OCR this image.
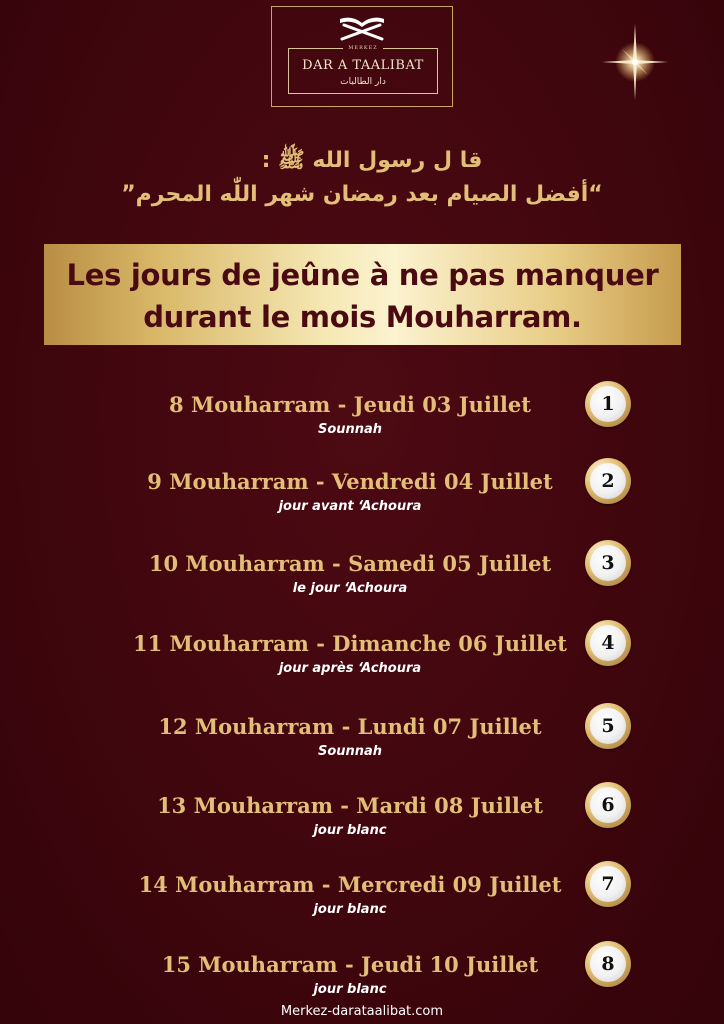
MERKEZ
DAR A TAALIBAT
دار الطالبات
قا ل رسول الله ﷺ :
“أفضل الصيام بعد رمضان شهر اللّٰه المحرم”
Les jours de jeûne à ne pas manquer
durant le mois Mouharram.
8 Mouharram - Jeudi 03 Juillet
Sounnah
1
9 Mouharram - Vendredi 04 Juillet
jour avant ‘Achoura
2
10 Mouharram - Samedi 05 Juillet
le jour ‘Achoura
3
11 Mouharram - Dimanche 06 Juillet
jour après ‘Achoura
4
12 Mouharram - Lundi 07 Juillet
Sounnah
5
13 Mouharram - Mardi 08 Juillet
jour blanc
6
14 Mouharram - Mercredi 09 Juillet
jour blanc
7
15 Mouharram - Jeudi 10 Juillet
jour blanc
8
Merkez-darataalibat.com
